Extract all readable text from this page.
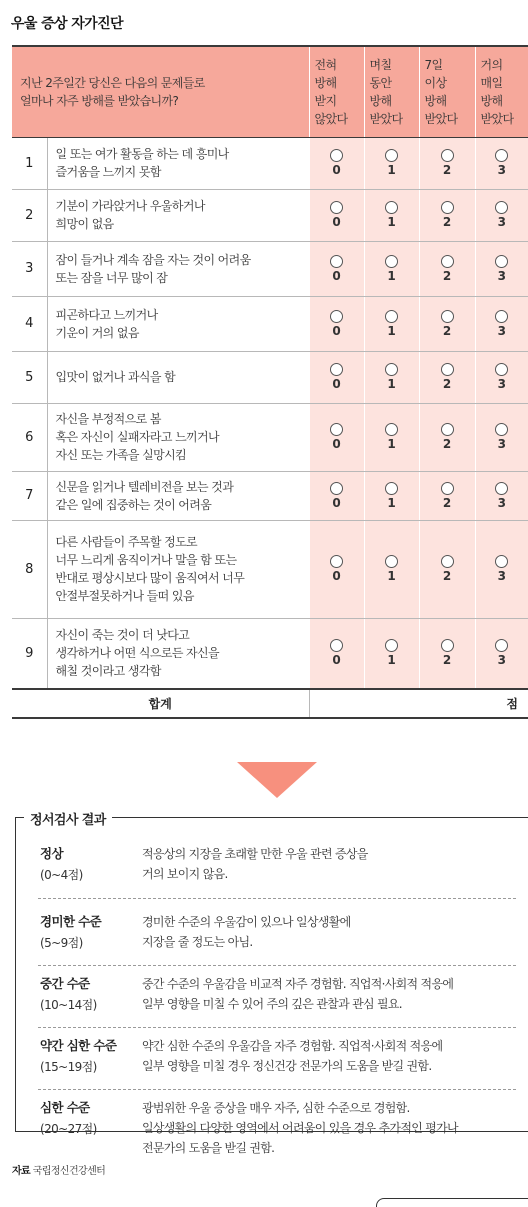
우울 증상 자가진단
지난 2주일간 당신은 다음의 문제들로
얼마나 자주 방해를 받았습니까?		전혀
방해
받지
않았다	며칠
동안
방해
받았다	7일
이상
방해
받았다	거의
매일
방해
받았다

1	일 또는 여가 활동을 하는 데 흥미나
즐거움을 느끼지 못함	0	1	2	3

2	기분이 가라앉거나 우울하거나
희망이 없음	0	1	2	3

3	잠이 들거나 계속 잠을 자는 것이 어려움
또는 잠을 너무 많이 잠	0	1	2	3

4	피곤하다고 느끼거나
기운이 거의 없음	0	1	2	3

5	입맛이 없거나 과식을 함	0	1	2	3

6	자신을 부정적으로 봄
혹은 자신이 실패자라고 느끼거나
자신 또는 가족을 실망시킴	0	1	2	3

7	신문을 읽거나 텔레비전을 보는 것과
같은 일에 집중하는 것이 어려움	0	1	2	3

8	다른 사람들이 주목할 정도로
너무 느리게 움직이거나 말을 함 또는
반대로 평상시보다 많이 움직여서 너무
안절부절못하거나 들떠 있음	0	1	2	3

9	자신이 죽는 것이 더 낫다고
생각하거나 어떤 식으로든 자신을
해칠 것이라고 생각함	0	1	2	3

합계		점			
정서검사 결과
정상
(0~4점)
적응상의 지장을 초래할 만한 우울 관련 증상을
거의 보이지 않음.
경미한 수준
(5~9점)
경미한 수준의 우울감이 있으나 일상생활에
지장을 줄 정도는 아님.
중간 수준
(10~14점)
중간 수준의 우울감을 비교적 자주 경험함. 직업적·사회적 적응에
일부 영향을 미칠 수 있어 주의 깊은 관찰과 관심 필요.
약간 심한 수준
(15~19점)
약간 심한 수준의 우울감을 자주 경험함. 직업적·사회적 적응에
일부 영향을 미칠 경우 정신건강 전문가의 도움을 받길 권함.
심한 수준
(20~27점)
광범위한 우울 증상을 매우 자주, 심한 수준으로 경험함.
일상생활의 다양한 영역에서 어려움이 있을 경우 추가적인 평가나
전문가의 도움을 받길 권함.
자료 국립정신건강센터
